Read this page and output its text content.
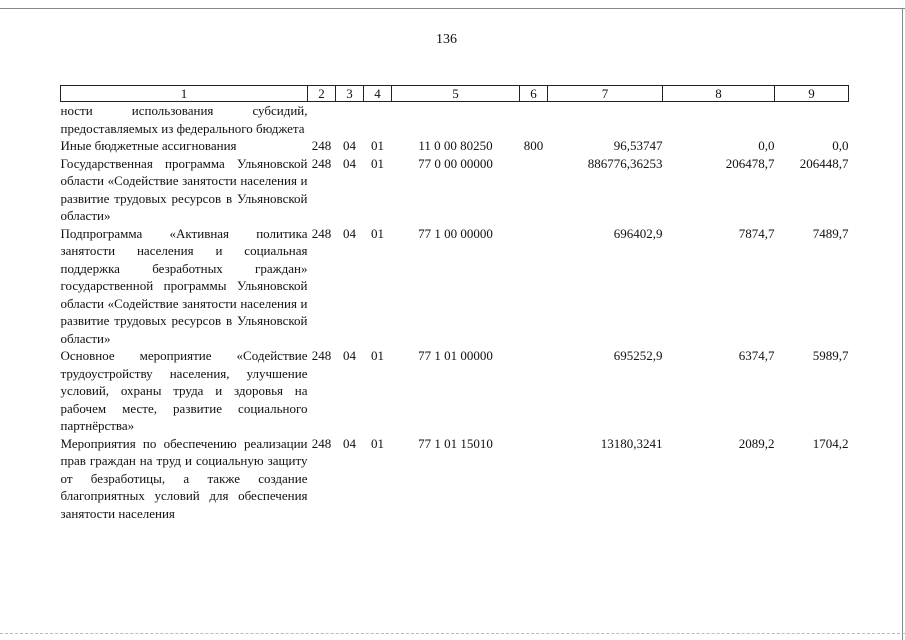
136
1	2	3	4	5	6	7	8	9
ности использования субсидий, предоставляемых из федерального бюджета								
Иные бюджетные ассигнования	248	04	01	11 0 00 80250	800	96,53747	0,0	0,0
Государственная программа Ульяновской области «Содействие занятости населения и развитие трудовых ресурсов в Ульяновской области»	248	04	01	77 0 00 00000		886776,36253	206478,7	206448,7
Подпрограмма «Активная политика занятости населения и социальная поддержка безработных граждан» государственной программы Ульяновской области «Содействие занятости населения и развитие трудовых ресурсов в Ульяновской области»	248	04	01	77 1 00 00000		696402,9	7874,7	7489,7
Основное мероприятие «Содействие трудоустройству населения, улучшение условий, охраны труда и здоровья на рабочем месте, развитие социального партнёрства»	248	04	01	77 1 01 00000		695252,9	6374,7	5989,7
Мероприятия по обеспечению реализации прав граждан на труд и социальную защиту от безработицы, а также создание благоприятных условий для обеспечения занятости населения	248	04	01	77 1 01 15010		13180,3241	2089,2	1704,2
